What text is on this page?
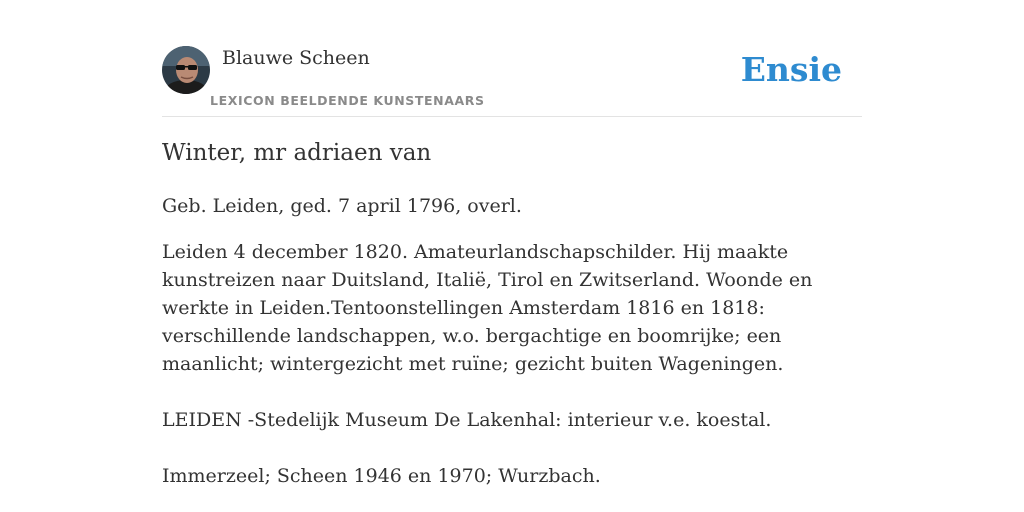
Blauwe Scheen
LEXICON BEELDENDE KUNSTENAARS
Ensie
Winter, mr adriaen van

Geb. Leiden, ged. 7 april 1796, overl.

Leiden 4 december 1820. Amateurlandschapschilder. Hij maakte kunstreizen naar Duitsland, Italië, Tirol en Zwitserland. Woonde en werkte in Leiden.Tentoonstellingen Amsterdam 1816 en 1818: verschillende landschappen, w.o. bergachtige en boomrijke; een maanlicht; wintergezicht met ruïne; gezicht buiten Wageningen.

LEIDEN -Stedelijk Museum De Lakenhal: interieur v.e. koestal.

Immerzeel; Scheen 1946 en 1970; Wurzbach.
